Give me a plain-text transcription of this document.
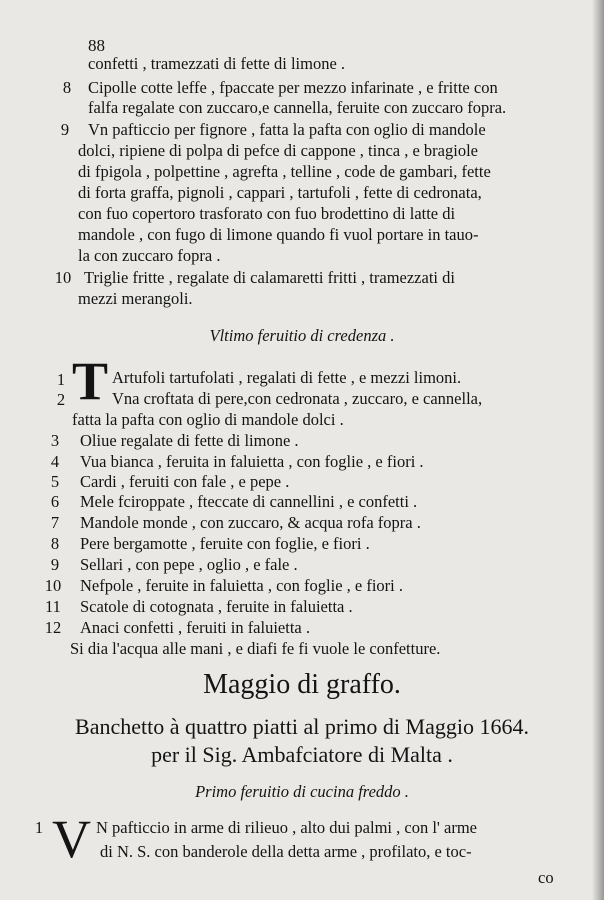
88
confetti , tramezzati di fette di limone .
8	Cipolle cotte leffe , fpaccate per mezzo infarinate , e fritte con
falfa regalate con zuccaro,e cannella, feruite con zuccaro fopra.
9	Vn pafticcio per fignore , fatta la pafta con oglio di mandole
dolci, ripiene di polpa di pefce di cappone , tinca , e bragiole
di fpigola , polpettine , agrefta , telline , code de gambari, fette
di forta graffa, pignoli , cappari , tartufoli , fette di cedronata,
con fuo copertoro trasforato con fuo brodettino di latte di
mandole , con fugo di limone quando fi vuol portare in tauo-
la con zuccaro fopra .
10 Triglie fritte , regalate di calamaretti fritti , tramezzati di
mezzi merangoli.
Vltimo feruitio di credenza .
T
1	Artufoli tartufolati , regalati di fette , e mezzi limoni.
2	Vna croftata di pere,con cedronata , zuccaro, e cannella,
fatta la pafta con oglio di mandole dolci .
3	Oliue regalate di fette di limone .
4	Vua bianca , feruita in faluietta , con foglie , e fiori .
5	Cardi , feruiti con fale , e pepe .
6	Mele fciroppate , fteccate di cannellini , e confetti .
7	Mandole monde , con zuccaro, & acqua rofa fopra .
8	Pere bergamotte , feruite con foglie, e fiori .
9	Sellari , con pepe , oglio , e fale .
10	Nefpole , feruite in faluietta , con foglie , e fiori .
11	Scatole di cotognata , feruite in faluietta .
12	Anaci confetti , feruiti in faluietta .
Si dia l'acqua alle mani , e diafi fe fi vuole le confetture.
Maggio di graffo.
Banchetto à quattro piatti al primo di Maggio 1664.
per il Sig. Ambafciatore di Malta .
Primo feruitio di cucina freddo .
1 V N pafticcio in arme di rilieuo , alto dui palmi , con l' arme
di N. S. con banderole della detta arme , profilato, e toc-
co
